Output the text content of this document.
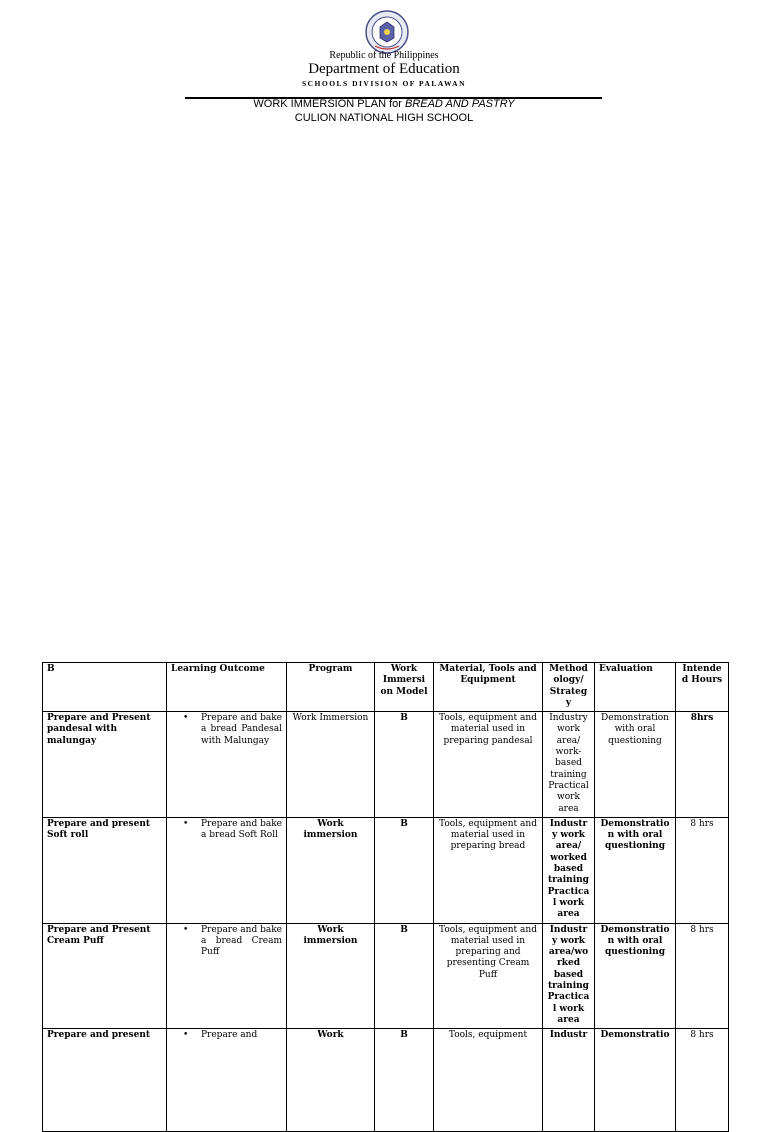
Republic of the Philippines
Department of Education
SCHOOLS DIVISION OF PALAWAN
WORK IMMERSION PLAN for BREAD AND PASTRY
CULION NATIONAL HIGH SCHOOL
B	Learning Outcome	Program	Work Immersi on Model	Material, Tools and Equipment	Method ology/ Strateg y	Evaluation	Intende d Hours
Prepare and Present pandesal with malungay	• Prepare and bake a bread Pandesal with Malungay	Work Immersion	B	Tools, equipment and material used in preparing pandesal	Industry work area/ work-based training Practical work area	Demonstration with oral questioning	8hrs
Prepare and present Soft roll	• Prepare and bake a bread Soft Roll	Work immersion	B	Tools, equipment and material used in preparing bread	Industr y work area/ worked based training Practica l work area	Demonstratio n with oral questioning	8 hrs
Prepare and Present Cream Puff	• Prepare and bake a bread Cream Puff	Work immersion	B	Tools, equipment and material used in preparing and presenting Cream Puff	Industr y work area/wo rked based training Practica l work area	Demonstratio n with oral questioning	8 hrs
Prepare and present	• Prepare and	Work	B	Tools, equipment	Industr	Demonstratio	8 hrs
